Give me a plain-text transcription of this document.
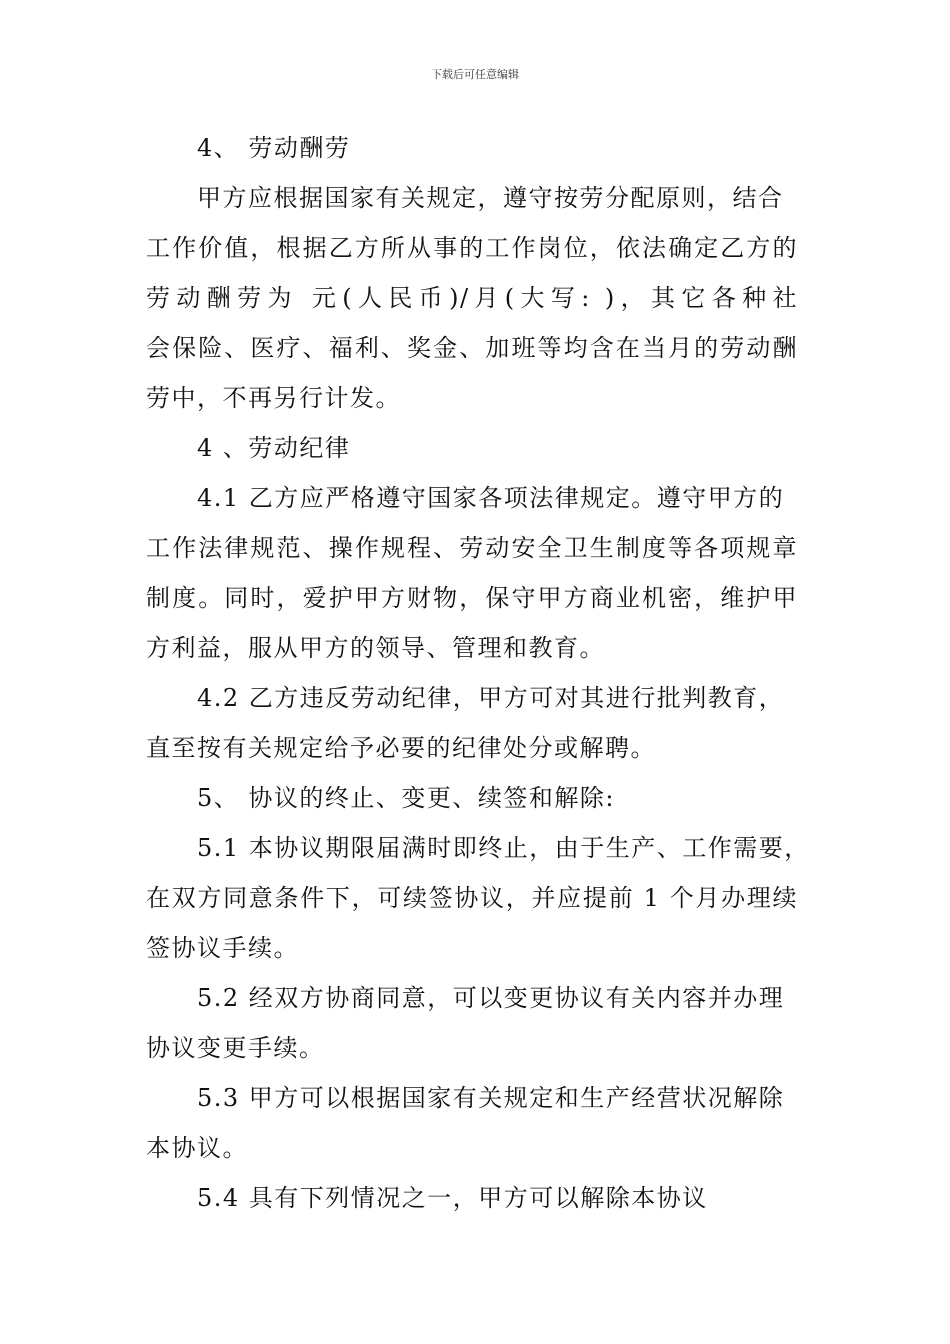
下载后可任意编辑
4、 劳动酬劳
甲方应根据国家有关规定，遵守按劳分配原则，结合
工作价值，根据乙方所从事的工作岗位，依法确定乙方的
劳动酬劳为 元(人民币)/月(大写: )，其它各种社
会保险、医疗、福利、奖金、加班等均含在当月的劳动酬
劳中，不再另行计发。
4 、劳动纪律
4.1 乙方应严格遵守国家各项法律规定。遵守甲方的
工作法律规范、操作规程、劳动安全卫生制度等各项规章
制度。同时，爱护甲方财物，保守甲方商业机密，维护甲
方利益，服从甲方的领导、管理和教育。
4.2 乙方违反劳动纪律，甲方可对其进行批判教育，
直至按有关规定给予必要的纪律处分或解聘。
5、 协议的终止、变更、续签和解除:
5.1 本协议期限届满时即终止，由于生产、工作需要，
在双方同意条件下，可续签协议，并应提前 1 个月办理续
签协议手续。
5.2 经双方协商同意，可以变更协议有关内容并办理
协议变更手续。
5.3 甲方可以根据国家有关规定和生产经营状况解除
本协议。
5.4 具有下列情况之一，甲方可以解除本协议
